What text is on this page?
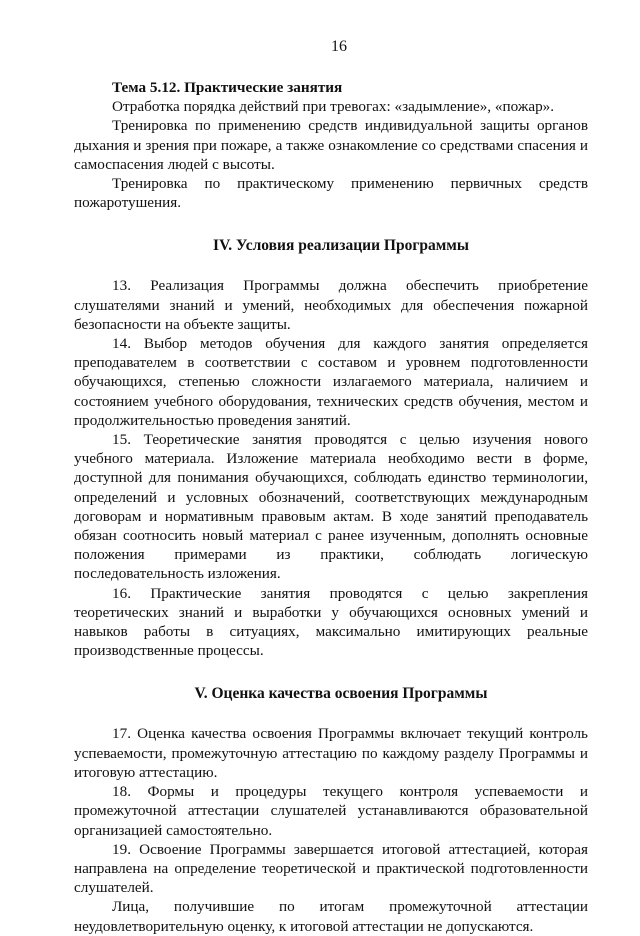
16

Тема 5.12. Практические занятия

Отработка порядка действий при тревогах: «задымление», «пожар».

Тренировка по применению средств индивидуальной защиты органов дыхания и зрения при пожаре, а также ознакомление со средствами спасения и самоспасения людей с высоты.

Тренировка по практическому применению первичных средств пожаротушения.

IV. Условия реализации Программы

13. Реализация Программы должна обеспечить приобретение слушателями знаний и умений, необходимых для обеспечения пожарной безопасности на объекте защиты.

14. Выбор методов обучения для каждого занятия определяется преподавателем в соответствии с составом и уровнем подготовленности обучающихся, степенью сложности излагаемого материала, наличием и состоянием учебного оборудования, технических средств обучения, местом и продолжительностью проведения занятий.

15. Теоретические занятия проводятся с целью изучения нового учебного материала. Изложение материала необходимо вести в форме, доступной для понимания обучающихся, соблюдать единство терминологии, определений и условных обозначений, соответствующих международным договорам и нормативным правовым актам. В ходе занятий преподаватель обязан соотносить новый материал с ранее изученным, дополнять основные положения примерами из практики, соблюдать логическую последовательность изложения.

16. Практические занятия проводятся с целью закрепления теоретических знаний и выработки у обучающихся основных умений и навыков работы в ситуациях, максимально имитирующих реальные производственные процессы.

V. Оценка качества освоения Программы

17. Оценка качества освоения Программы включает текущий контроль успеваемости, промежуточную аттестацию по каждому разделу Программы и итоговую аттестацию.

18. Формы и процедуры текущего контроля успеваемости и промежуточной аттестации слушателей устанавливаются образовательной организацией самостоятельно.

19. Освоение Программы завершается итоговой аттестацией, которая направлена на определение теоретической и практической подготовленности слушателей.

Лица, получившие по итогам промежуточной аттестации неудовлетворительную оценку, к итоговой аттестации не допускаются.
